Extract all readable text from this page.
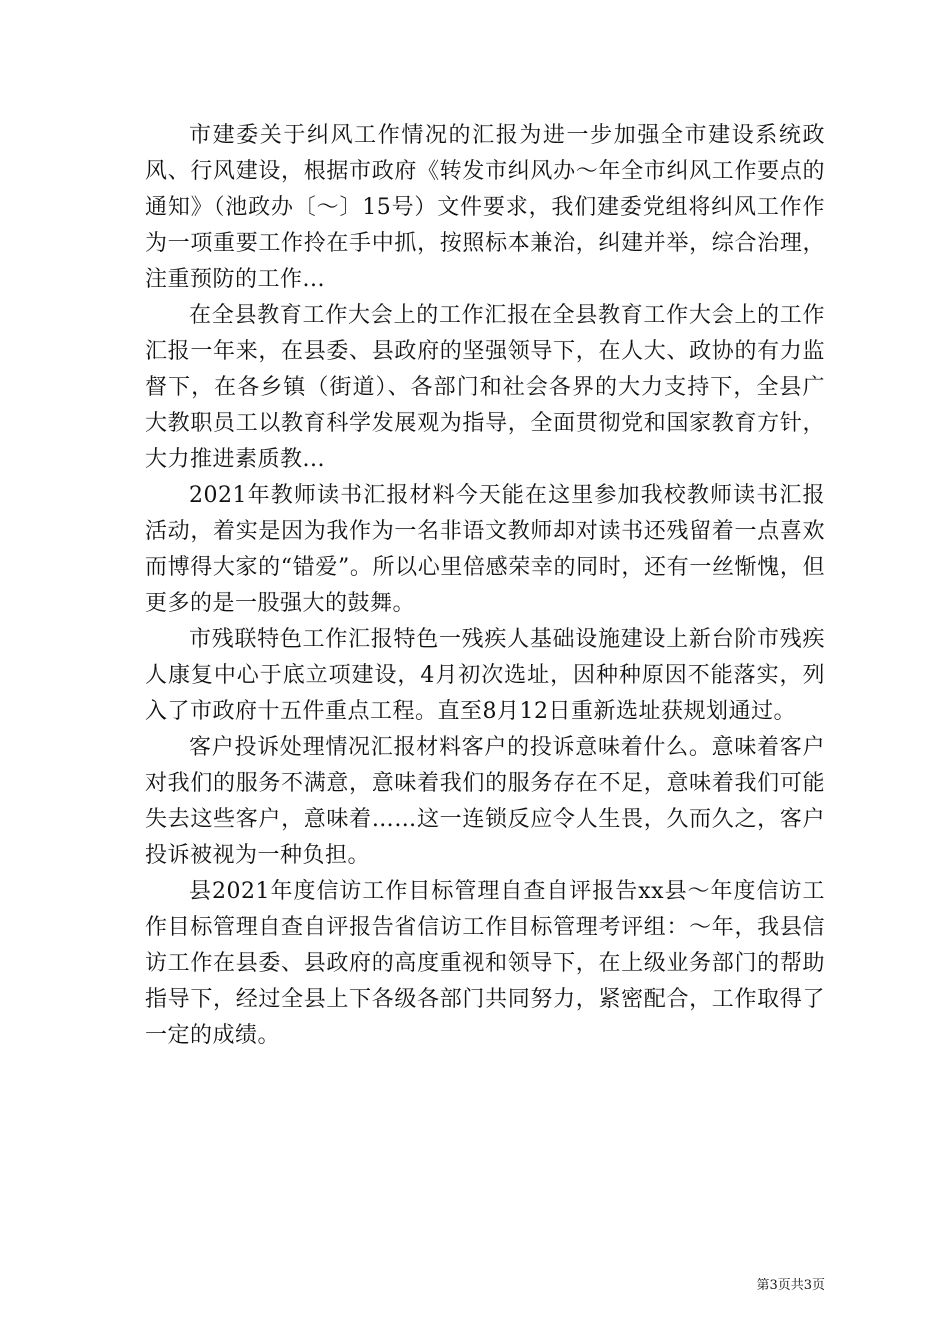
市建委关于纠风工作情况的汇报为进一步加强全市建设系统政风、行风建设，根据市政府《转发市纠风办～年全市纠风工作要点的通知》（池政办〔～〕15号）文件要求，我们建委党组将纠风工作作为一项重要工作拎在手中抓，按照标本兼治，纠建并举，综合治理，注重预防的工作...

在全县教育工作大会上的工作汇报在全县教育工作大会上的工作汇报一年来，在县委、县政府的坚强领导下，在人大、政协的有力监督下，在各乡镇（街道）、各部门和社会各界的大力支持下，全县广大教职员工以教育科学发展观为指导，全面贯彻党和国家教育方针，大力推进素质教...

2021年教师读书汇报材料今天能在这里参加我校教师读书汇报活动，着实是因为我作为一名非语文教师却对读书还残留着一点喜欢而博得大家的“错爱”。所以心里倍感荣幸的同时，还有一丝惭愧，但更多的是一股强大的鼓舞。

市残联特色工作汇报特色一残疾人基础设施建设上新台阶市残疾人康复中心于底立项建设，4月初次选址，因种种原因不能落实，列入了市政府十五件重点工程。直至8月12日重新选址获规划通过。

客户投诉处理情况汇报材料客户的投诉意味着什么。意味着客户对我们的服务不满意，意味着我们的服务存在不足，意味着我们可能失去这些客户，意味着……这一连锁反应令人生畏，久而久之，客户投诉被视为一种负担。

县2021年度信访工作目标管理自查自评报告xx县～年度信访工作目标管理自查自评报告省信访工作目标管理考评组：～年，我县信访工作在县委、县政府的高度重视和领导下，在上级业务部门的帮助指导下，经过全县上下各级各部门共同努力，紧密配合，工作取得了一定的成绩。

第3页共3页
